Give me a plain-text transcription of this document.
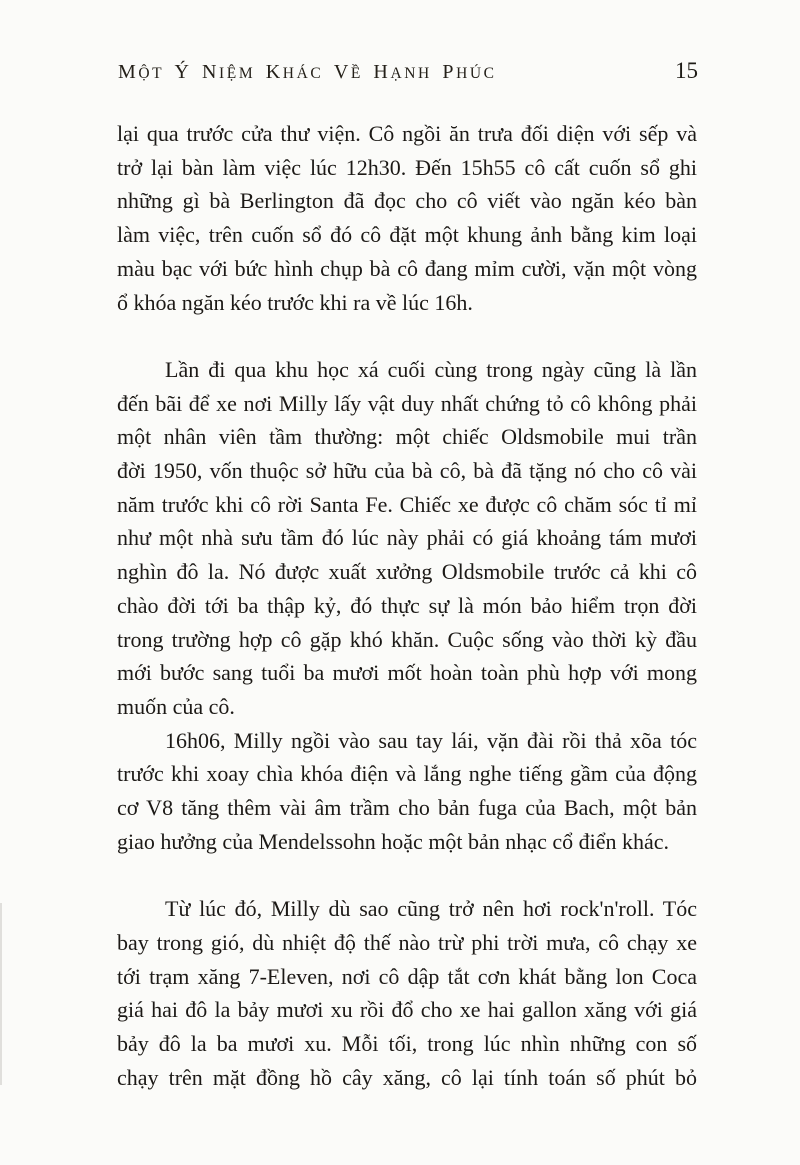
MỘT Ý NIỆM KHÁC VỀ HẠNH PHÚC	15
lại qua trước cửa thư viện. Cô ngồi ăn trưa đối diện với sếp và
trở lại bàn làm việc lúc 12h30. Đến 15h55 cô cất cuốn sổ ghi
những gì bà Berlington đã đọc cho cô viết vào ngăn kéo bàn
làm việc, trên cuốn sổ đó cô đặt một khung ảnh bằng kim loại
màu bạc với bức hình chụp bà cô đang mỉm cười, vặn một vòng
ổ khóa ngăn kéo trước khi ra về lúc 16h.
Lần đi qua khu học xá cuối cùng trong ngày cũng là lần
đến bãi để xe nơi Milly lấy vật duy nhất chứng tỏ cô không phải
một nhân viên tầm thường: một chiếc Oldsmobile mui trần
đời 1950, vốn thuộc sở hữu của bà cô, bà đã tặng nó cho cô vài
năm trước khi cô rời Santa Fe. Chiếc xe được cô chăm sóc tỉ mỉ
như một nhà sưu tầm đó lúc này phải có giá khoảng tám mươi
nghìn đô la. Nó được xuất xưởng Oldsmobile trước cả khi cô
chào đời tới ba thập kỷ, đó thực sự là món bảo hiểm trọn đời
trong trường hợp cô gặp khó khăn. Cuộc sống vào thời kỳ đầu
mới bước sang tuổi ba mươi mốt hoàn toàn phù hợp với mong
muốn của cô.
16h06, Milly ngồi vào sau tay lái, vặn đài rồi thả xõa tóc
trước khi xoay chìa khóa điện và lắng nghe tiếng gầm của động
cơ V8 tăng thêm vài âm trầm cho bản fuga của Bach, một bản
giao hưởng của Mendelssohn hoặc một bản nhạc cổ điển khác.
Từ lúc đó, Milly dù sao cũng trở nên hơi rock'n'roll. Tóc
bay trong gió, dù nhiệt độ thế nào trừ phi trời mưa, cô chạy xe
tới trạm xăng 7-Eleven, nơi cô dập tắt cơn khát bằng lon Coca
giá hai đô la bảy mươi xu rồi đổ cho xe hai gallon xăng với giá
bảy đô la ba mươi xu. Mỗi tối, trong lúc nhìn những con số
chạy trên mặt đồng hồ cây xăng, cô lại tính toán số phút bỏ
